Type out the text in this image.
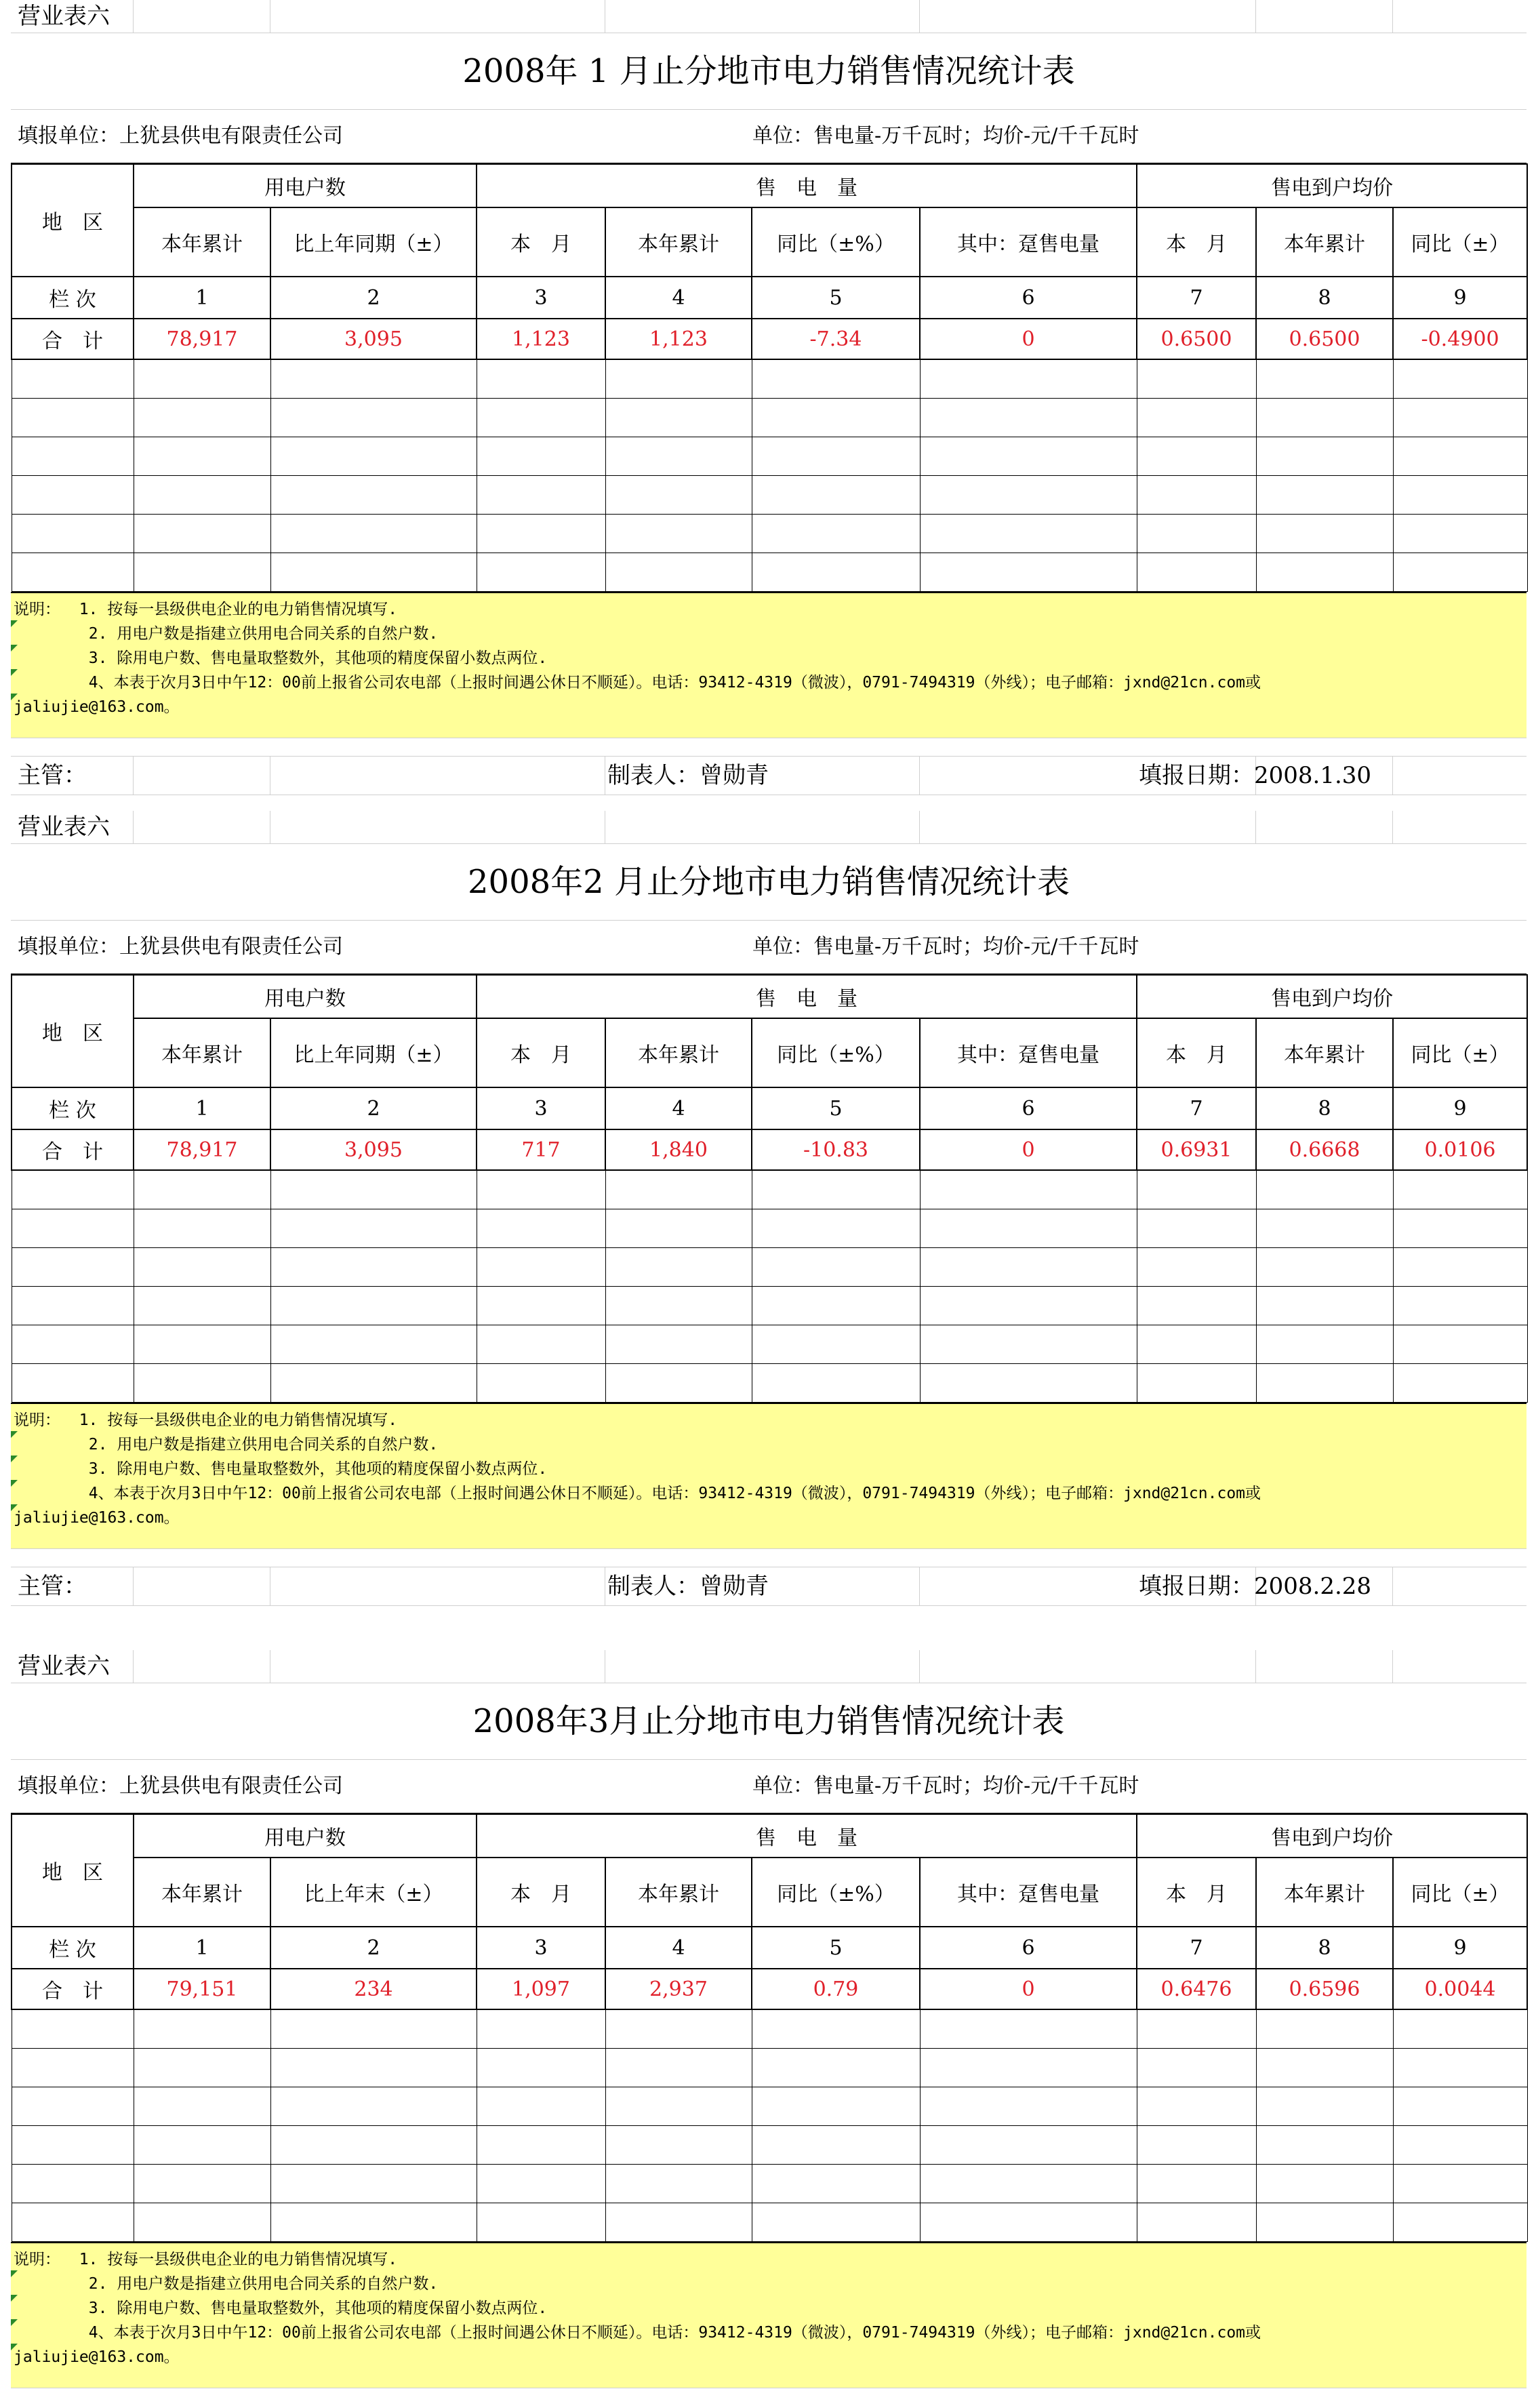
营业表六
2008年 1 月止分地市电力销售情况统计表
填报单位：上犹县供电有限责任公司	单位：售电量-万千瓦时；均价-元/千千瓦时
地　区	用电户数		售　电　量				售电到户均价		
	本年累计	比上年同期（±）	本　月	本年累计	同比（±%）	其中：趸售电量	本　月	本年累计	同比（±）
栏 次	1	2	3	4	5	6	7	8	9
合　计	78,917	3,095	1,123	1,123	-7.34	0	0.6500	0.6500	-0.4900

说明：  1. 按每一县级供电企业的电力销售情况填写.
2. 用电户数是指建立供用电合同关系的自然户数.
3. 除用电户数、售电量取整数外，其他项的精度保留小数点两位.
4、本表于次月3日中午12：00前上报省公司农电部（上报时间遇公休日不顺延）。电话：93412-4319（微波），0791-7494319（外线）；电子邮箱：jxnd@21cn.com或
jaliujie@163.com。
主管：	制表人：曾勋青	填报日期：2008.1.30
营业表六
2008年2 月止分地市电力销售情况统计表
填报单位：上犹县供电有限责任公司	单位：售电量-万千瓦时；均价-元/千千瓦时
地　区	用电户数		售　电　量				售电到户均价		
	本年累计	比上年同期（±）	本　月	本年累计	同比（±%）	其中：趸售电量	本　月	本年累计	同比（±）
栏 次	1	2	3	4	5	6	7	8	9
合　计	78,917	3,095	717	1,840	-10.83	0	0.6931	0.6668	0.0106

说明：  1. 按每一县级供电企业的电力销售情况填写.
2. 用电户数是指建立供用电合同关系的自然户数.
3. 除用电户数、售电量取整数外，其他项的精度保留小数点两位.
4、本表于次月3日中午12：00前上报省公司农电部（上报时间遇公休日不顺延）。电话：93412-4319（微波），0791-7494319（外线）；电子邮箱：jxnd@21cn.com或
jaliujie@163.com。
主管：	制表人：曾勋青	填报日期：2008.2.28
营业表六
2008年3月止分地市电力销售情况统计表
填报单位：上犹县供电有限责任公司	单位：售电量-万千瓦时；均价-元/千千瓦时
地　区	用电户数		售　电　量				售电到户均价		
	本年累计	比上年末（±）	本　月	本年累计	同比（±%）	其中：趸售电量	本　月	本年累计	同比（±）
栏 次	1	2	3	4	5	6	7	8	9
合　计	79,151	234	1,097	2,937	0.79	0	0.6476	0.6596	0.0044

说明：  1. 按每一县级供电企业的电力销售情况填写.
2. 用电户数是指建立供用电合同关系的自然户数.
3. 除用电户数、售电量取整数外，其他项的精度保留小数点两位.
4、本表于次月3日中午12：00前上报省公司农电部（上报时间遇公休日不顺延）。电话：93412-4319（微波），0791-7494319（外线）；电子邮箱：jxnd@21cn.com或
jaliujie@163.com。
